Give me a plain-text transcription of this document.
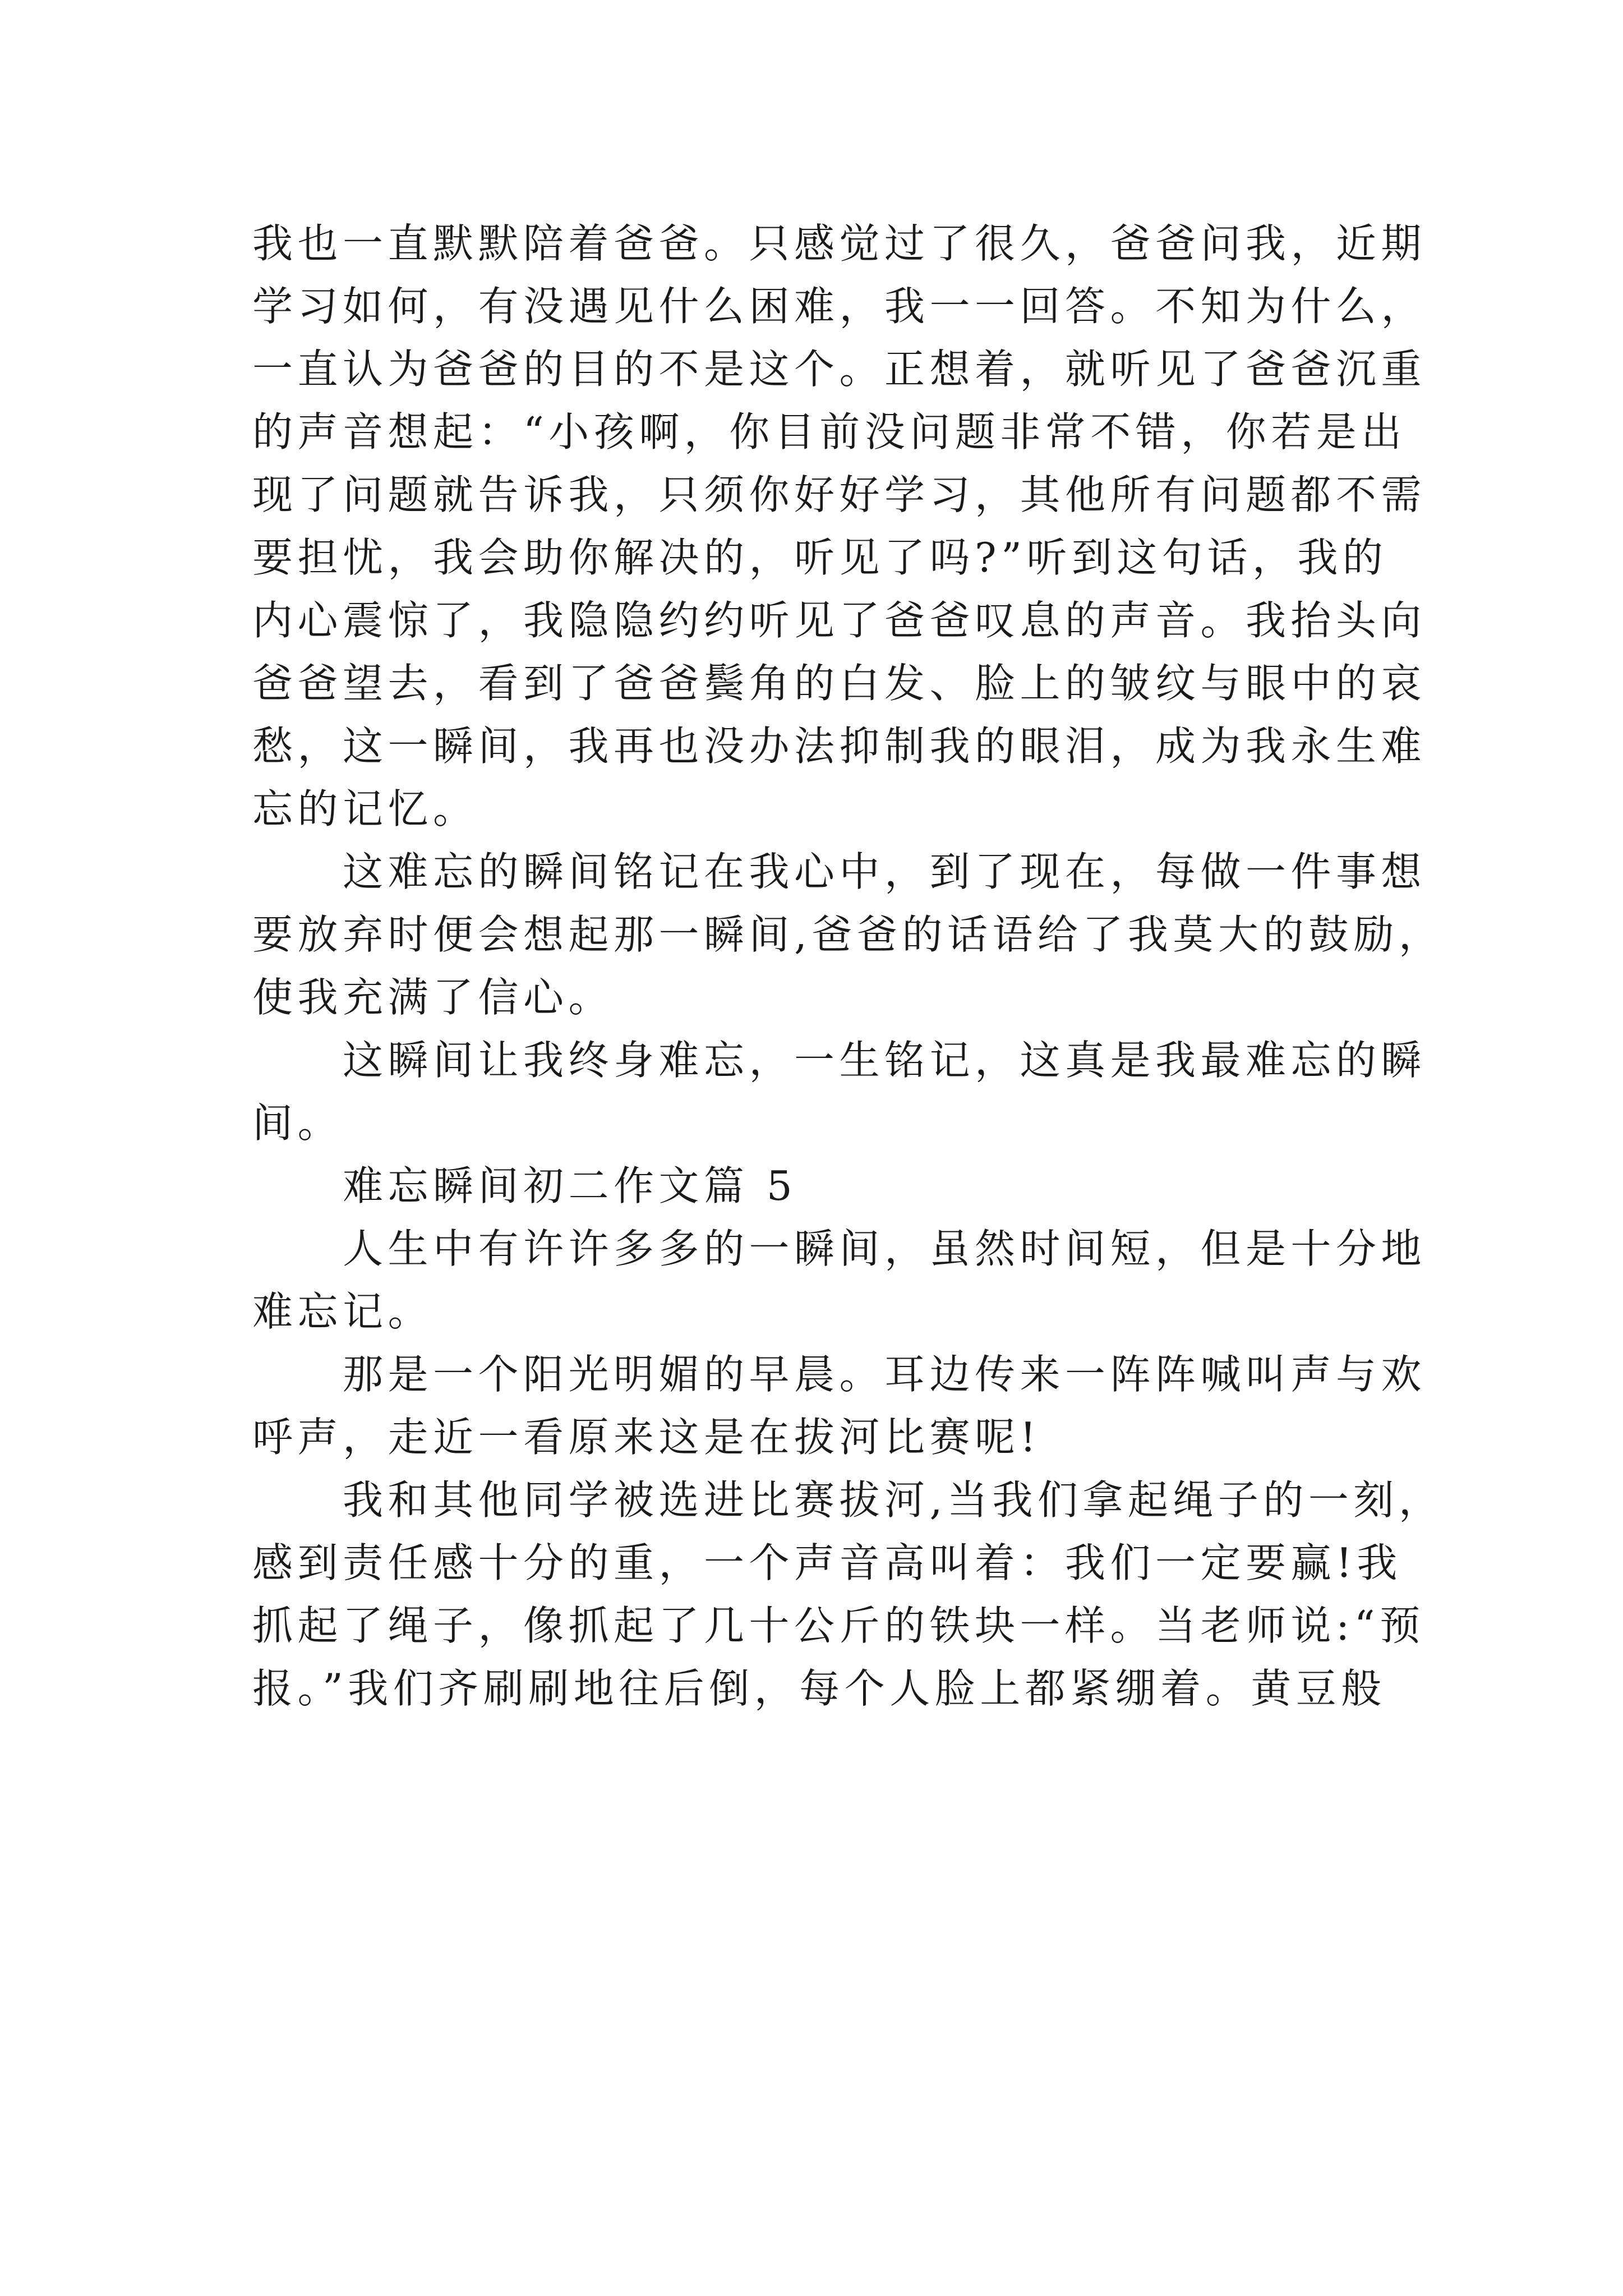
我也一直默默陪着爸爸。只感觉过了很久，爸爸问我，近期
学习如何，有没遇见什么困难，我一一回答。不知为什么，
一直认为爸爸的目的不是这个。正想着，就听见了爸爸沉重
的声音想起：“小孩啊，你目前没问题非常不错，你若是出
现了问题就告诉我，只须你好好学习，其他所有问题都不需
要担忧，我会助你解决的，听见了吗?”听到这句话，我的
内心震惊了，我隐隐约约听见了爸爸叹息的声音。我抬头向
爸爸望去，看到了爸爸鬓角的白发、脸上的皱纹与眼中的哀
愁，这一瞬间，我再也没办法抑制我的眼泪，成为我永生难
忘的记忆。
　　这难忘的瞬间铭记在我心中，到了现在，每做一件事想
要放弃时便会想起那一瞬间,爸爸的话语给了我莫大的鼓励，
使我充满了信心。
　　这瞬间让我终身难忘，一生铭记，这真是我最难忘的瞬
间。
　　难忘瞬间初二作文篇 5
　　人生中有许许多多的一瞬间，虽然时间短，但是十分地
难忘记。
　　那是一个阳光明媚的早晨。耳边传来一阵阵喊叫声与欢
呼声，走近一看原来这是在拔河比赛呢!
　　我和其他同学被选进比赛拔河,当我们拿起绳子的一刻，
感到责任感十分的重，一个声音高叫着：我们一定要赢!我
抓起了绳子，像抓起了几十公斤的铁块一样。当老师说:“预
报。”我们齐刷刷地往后倒，每个人脸上都紧绷着。黄豆般
